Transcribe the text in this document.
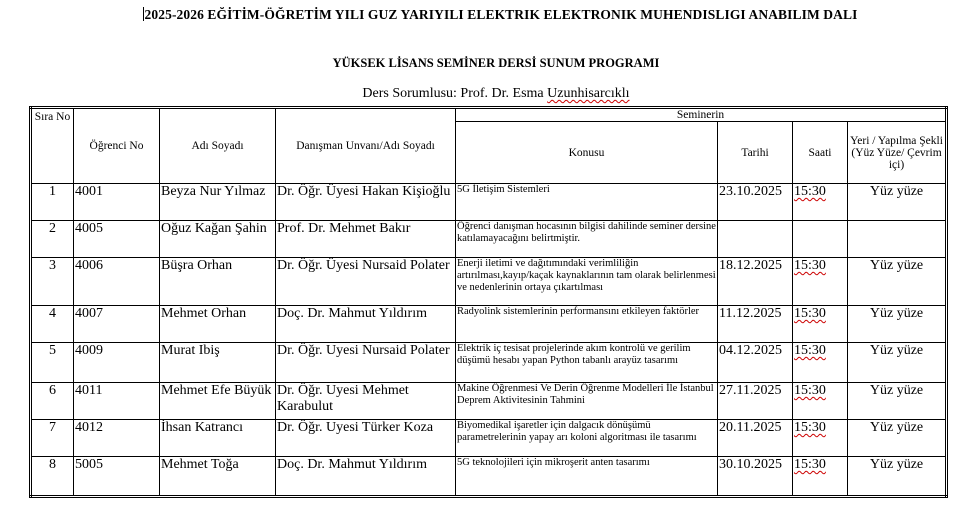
2025-2026 EĞİTİM-ÖĞRETİM YILI GUZ YARIYILI ELEKTRIK ELEKTRONIK MUHENDISLIGI ANABILIM DALI
YÜKSEK LİSANS SEMİNER DERSİ SUNUM PROGRAMI
Ders Sorumlusu: Prof. Dr. Esma Uzunhisarcıklı
Sıra No	Öğrenci No	Adı Soyadı	Danışman Unvanı/Adı Soyadı	Seminerin			
				Konusu	Tarihi	Saati	Yeri / Yapılma Şekli (Yüz Yüze/ Çevrim içi)
1	4001	Beyza Nur Yılmaz	Dr. Öğr. Üyesi Hakan Kişioğlu	5G İletişim Sistemleri	23.10.2025	15:30	Yüz yüze
2	4005	Oğuz Kağan Şahin	Prof. Dr. Mehmet Bakır	Öğrenci danışman hocasının bilgisi dahilinde seminer dersine katılamayacağını belirtmiştir.			
3	4006	Büşra Orhan	Dr. Öğr. Üyesi Nursaid Polater	Enerji iletimi ve dağıtımındaki verimliliğin artırılması,kayıp/kaçak kaynaklarının tam olarak belirlenmesi ve nedenlerinin ortaya çıkartılması	18.12.2025	15:30	Yüz yüze
4	4007	Mehmet Orhan	Doç. Dr. Mahmut Yıldırım	Radyolink sistemlerinin performansını etkileyen faktörler	11.12.2025	15:30	Yüz yüze
5	4009	Murat Ibiş	Dr. Öğr. Uyesi Nursaid Polater	Elektrik iç tesisat projelerinde akım kontrolü ve gerilim düşümü hesabı yapan Python tabanlı arayüz tasarımı	04.12.2025	15:30	Yüz yüze
6	4011	Mehmet Efe Büyük	Dr. Öğr. Uyesi Mehmet Karabulut	Makine Öğrenmesi Ve Derin Öğrenme Modelleri İle İstanbul Deprem Aktivitesinin Tahmini	27.11.2025	15:30	Yüz yüze
7	4012	İhsan Katrancı	Dr. Öğr. Uyesi Türker Koza	Biyomedikal işaretler için dalgacık dönüşümü parametrelerinin yapay arı koloni algoritması ile tasarımı	20.11.2025	15:30	Yüz yüze
8	5005	Mehmet Toğa	Doç. Dr. Mahmut Yıldırım	5G teknolojileri için mikroşerit anten tasarımı	30.10.2025	15:30	Yüz yüze
